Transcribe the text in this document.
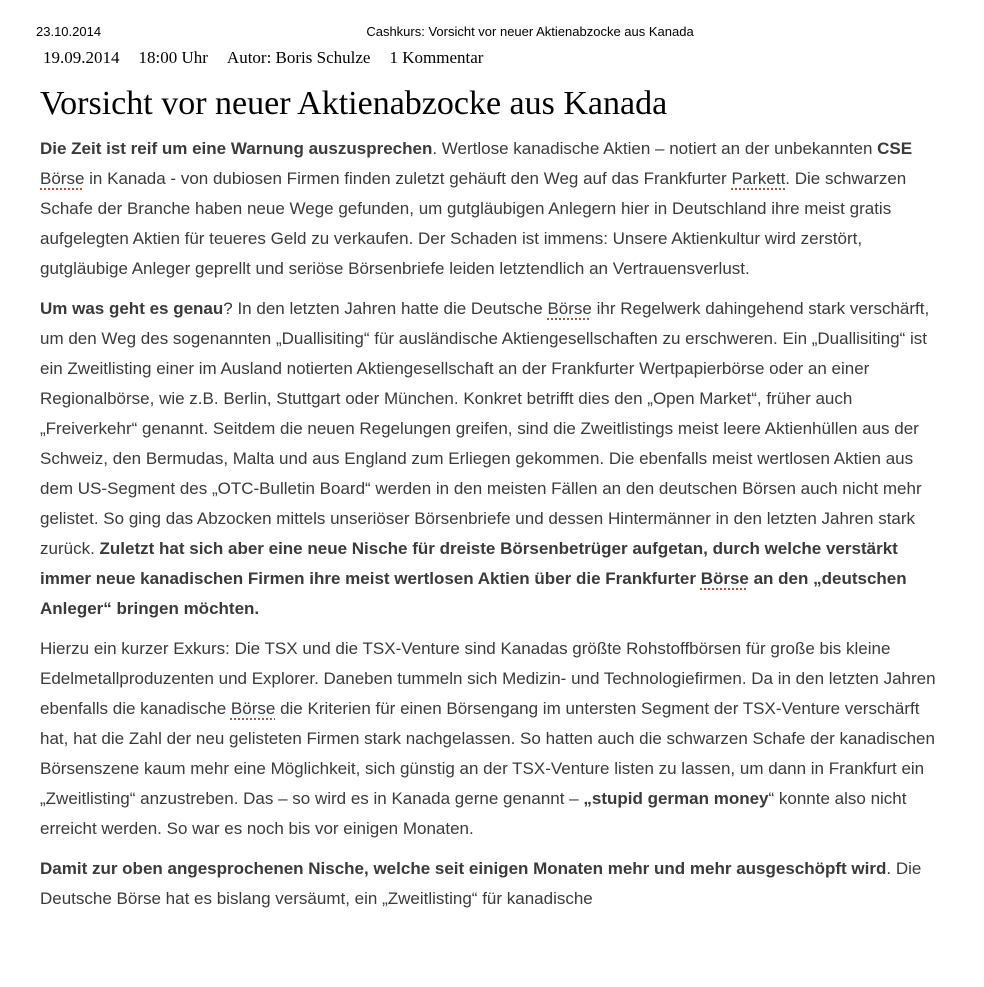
23.10.2014	Cashkurs: Vorsicht vor neuer Aktienabzocke aus Kanada
19.09.2014 18:00 Uhr Autor: Boris Schulze 1 Kommentar
Vorsicht vor neuer Aktienabzocke aus Kanada

Die Zeit ist reif um eine Warnung auszusprechen. Wertlose kanadische Aktien – notiert an der unbekannten CSE Börse in Kanada - von dubiosen Firmen finden zuletzt gehäuft den Weg auf das Frankfurter Parkett. Die schwarzen Schafe der Branche haben neue Wege gefunden, um gutgläubigen Anlegern hier in Deutschland ihre meist gratis aufgelegten Aktien für teueres Geld zu verkaufen. Der Schaden ist immens: Unsere Aktienkultur wird zerstört, gutgläubige Anleger geprellt und seriöse Börsenbriefe leiden letztendlich an Vertrauensverlust.

Um was geht es genau? In den letzten Jahren hatte die Deutsche Börse ihr Regelwerk dahingehend stark verschärft, um den Weg des sogenannten „Duallisiting“ für ausländische Aktiengesellschaften zu erschweren. Ein „Duallisiting“ ist ein Zweitlisting einer im Ausland notierten Aktiengesellschaft an der Frankfurter Wertpapierbörse oder an einer Regionalbörse, wie z.B. Berlin, Stuttgart oder München. Konkret betrifft dies den „Open Market“, früher auch „Freiverkehr“ genannt. Seitdem die neuen Regelungen greifen, sind die Zweitlistings meist leere Aktienhüllen aus der Schweiz, den Bermudas, Malta und aus England zum Erliegen gekommen. Die ebenfalls meist wertlosen Aktien aus dem US-Segment des „OTC-Bulletin Board“ werden in den meisten Fällen an den deutschen Börsen auch nicht mehr gelistet. So ging das Abzocken mittels unseriöser Börsenbriefe und dessen Hintermänner in den letzten Jahren stark zurück. Zuletzt hat sich aber eine neue Nische für dreiste Börsenbetrüger aufgetan, durch welche verstärkt immer neue kanadischen Firmen ihre meist wertlosen Aktien über die Frankfurter Börse an den „deutschen Anleger“ bringen möchten.

Hierzu ein kurzer Exkurs: Die TSX und die TSX-Venture sind Kanadas größte Rohstoffbörsen für große bis kleine Edelmetallproduzenten und Explorer. Daneben tummeln sich Medizin- und Technologiefirmen. Da in den letzten Jahren ebenfalls die kanadische Börse die Kriterien für einen Börsengang im untersten Segment der TSX-Venture verschärft hat, hat die Zahl der neu gelisteten Firmen stark nachgelassen. So hatten auch die schwarzen Schafe der kanadischen Börsenszene kaum mehr eine Möglichkeit, sich günstig an der TSX-Venture listen zu lassen, um dann in Frankfurt ein „Zweitlisting“ anzustreben. Das – so wird es in Kanada gerne genannt – „stupid german money“ konnte also nicht erreicht werden. So war es noch bis vor einigen Monaten.

Damit zur oben angesprochenen Nische, welche seit einigen Monaten mehr und mehr ausgeschöpft wird. Die Deutsche Börse hat es bislang versäumt, ein „Zweitlisting“ für kanadische
